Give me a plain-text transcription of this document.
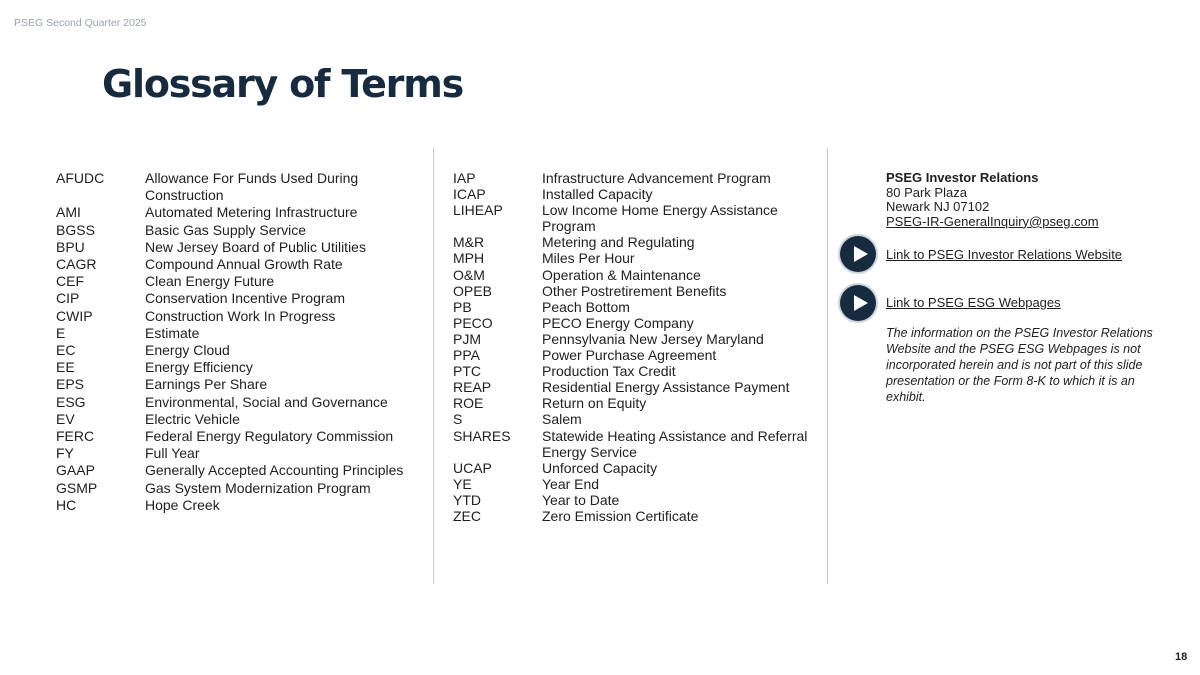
PSEG Second Quarter 2025
Glossary of Terms
AFUDC	Allowance For Funds Used During Construction
AMI	Automated Metering Infrastructure
BGSS	Basic Gas Supply Service
BPU	New Jersey Board of Public Utilities
CAGR	Compound Annual Growth Rate
CEF	Clean Energy Future
CIP	Conservation Incentive Program
CWIP	Construction Work In Progress
E	Estimate
EC	Energy Cloud
EE	Energy Efficiency
EPS	Earnings Per Share
ESG	Environmental, Social and Governance
EV	Electric Vehicle
FERC	Federal Energy Regulatory Commission
FY	Full Year
GAAP	Generally Accepted Accounting Principles
GSMP	Gas System Modernization Program
HC	Hope Creek
IAP	Infrastructure Advancement Program
ICAP	Installed Capacity
LIHEAP	Low Income Home Energy Assistance Program
M&R	Metering and Regulating
MPH	Miles Per Hour
O&M	Operation & Maintenance
OPEB	Other Postretirement Benefits
PB	Peach Bottom
PECO	PECO Energy Company
PJM	Pennsylvania New Jersey Maryland
PPA	Power Purchase Agreement
PTC	Production Tax Credit
REAP	Residential Energy Assistance Payment
ROE	Return on Equity
S	Salem
SHARES	Statewide Heating Assistance and Referral Energy Service
UCAP	Unforced Capacity
YE	Year End
YTD	Year to Date
ZEC	Zero Emission Certificate
PSEG Investor Relations
80 Park Plaza
Newark NJ 07102
PSEG-IR-GeneralInquiry@pseg.com
Link to PSEG Investor Relations Website
Link to PSEG ESG Webpages
The information on the PSEG Investor Relations Website and the PSEG ESG Webpages is not incorporated herein and is not part of this slide presentation or the Form 8-K to which it is an exhibit.
18
